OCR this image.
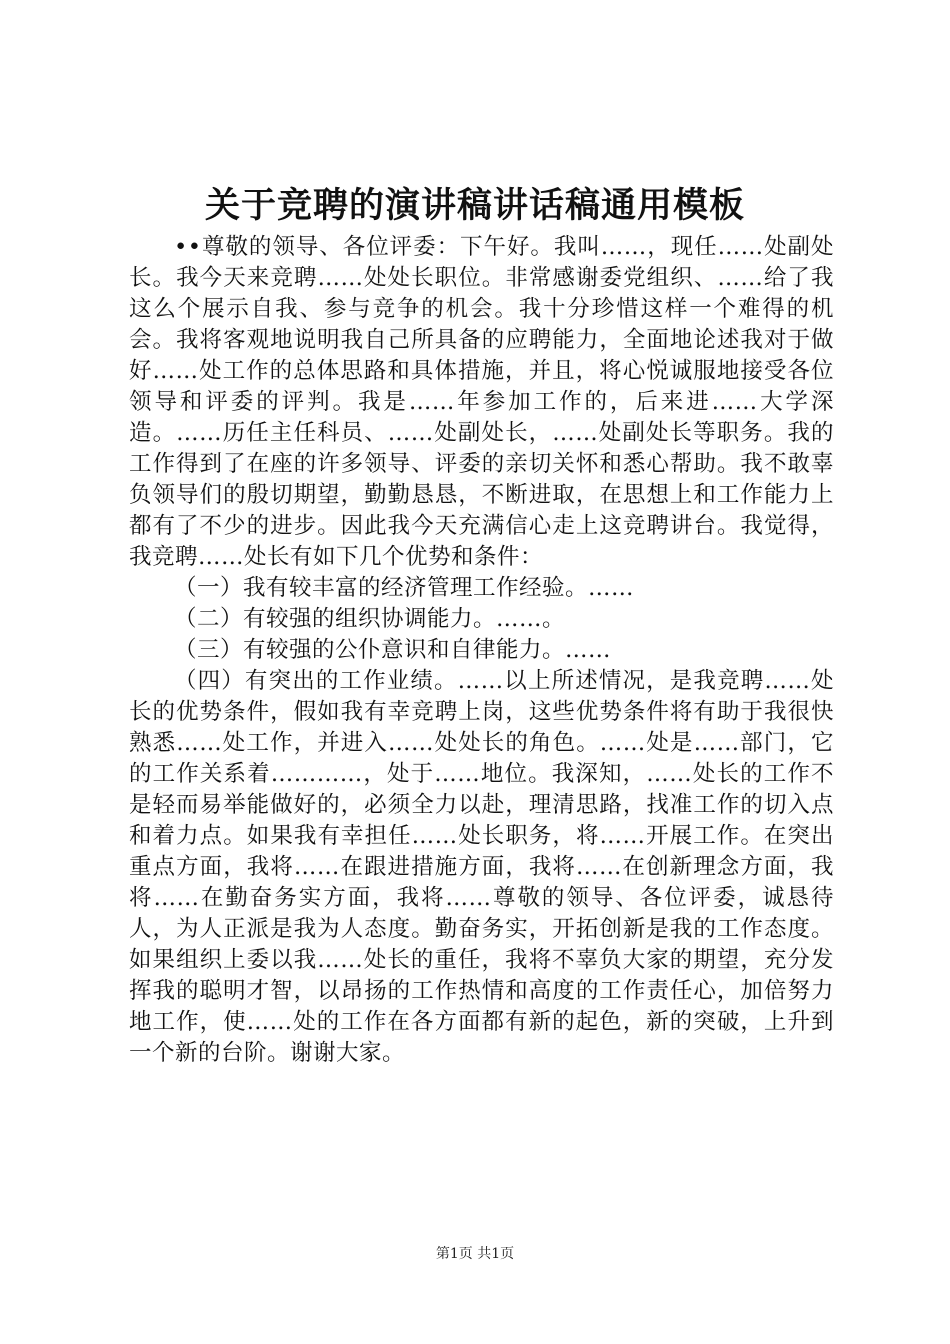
关于竞聘的演讲稿讲话稿通用模板

••尊敬的领导、各位评委：下午好。我叫……，现任……处副处长。我今天来竞聘……处处长职位。非常感谢委党组织、……给了我这么个展示自我、参与竞争的机会。我十分珍惜这样一个难得的机会。我将客观地说明我自己所具备的应聘能力，全面地论述我对于做好……处工作的总体思路和具体措施，并且，将心悦诚服地接受各位领导和评委的评判。我是……年参加工作的，后来进……大学深造。……历任主任科员、……处副处长，……处副处长等职务。我的工作得到了在座的许多领导、评委的亲切关怀和悉心帮助。我不敢辜负领导们的殷切期望，勤勤恳恳，不断进取，在思想上和工作能力上都有了不少的进步。因此我今天充满信心走上这竞聘讲台。我觉得，我竞聘……处长有如下几个优势和条件：

（一）我有较丰富的经济管理工作经验。……

（二）有较强的组织协调能力。……。

（三）有较强的公仆意识和自律能力。……

（四）有突出的工作业绩。……以上所述情况，是我竞聘……处长的优势条件，假如我有幸竞聘上岗，这些优势条件将有助于我很快熟悉……处工作，并进入……处处长的角色。……处是……部门，它的工作关系着…………，处于……地位。我深知，……处长的工作不是轻而易举能做好的，必须全力以赴，理清思路，找准工作的切入点和着力点。如果我有幸担任……处长职务，将……开展工作。在突出重点方面，我将……在跟进措施方面，我将……在创新理念方面，我将……在勤奋务实方面，我将……尊敬的领导、各位评委，诚恳待人，为人正派是我为人态度。勤奋务实，开拓创新是我的工作态度。如果组织上委以我……处长的重任，我将不辜负大家的期望，充分发挥我的聪明才智，以昂扬的工作热情和高度的工作责任心，加倍努力地工作，使……处的工作在各方面都有新的起色，新的突破，上升到一个新的台阶。谢谢大家。

第1页 共1页
